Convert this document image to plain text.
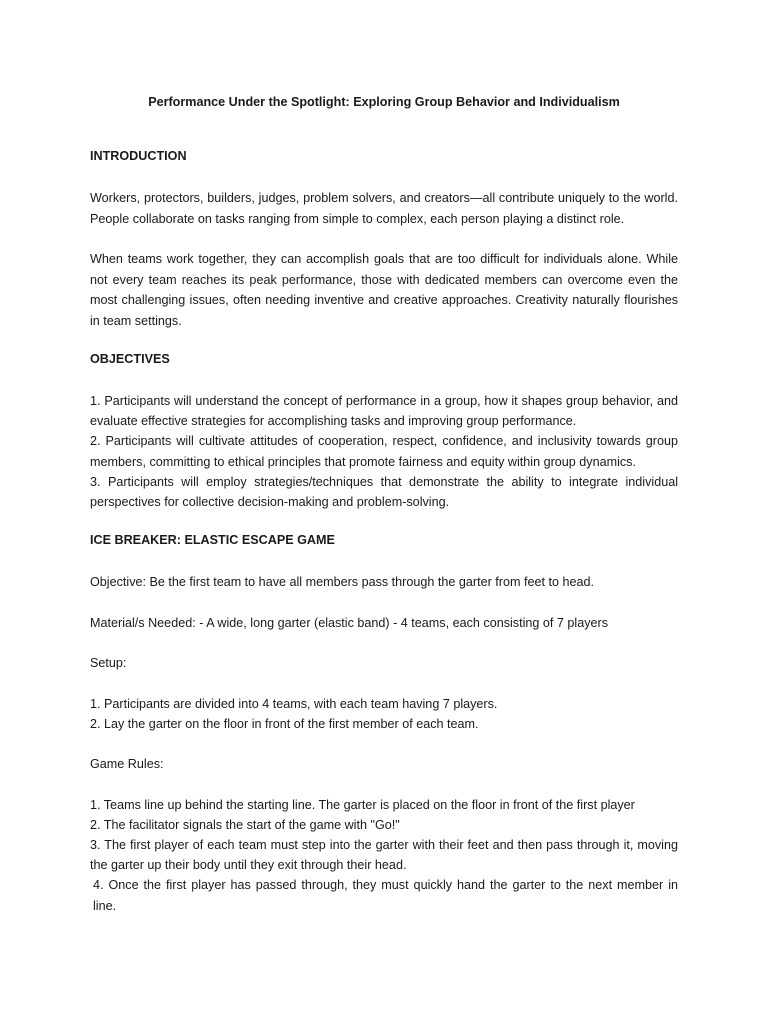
Performance Under the Spotlight: Exploring Group Behavior and Individualism
INTRODUCTION
Workers, protectors, builders, judges, problem solvers, and creators—all contribute uniquely to the world. People collaborate on tasks ranging from simple to complex, each person playing a distinct role.
When teams work together, they can accomplish goals that are too difficult for individuals alone. While not every team reaches its peak performance, those with dedicated members can overcome even the most challenging issues, often needing inventive and creative approaches. Creativity naturally flourishes in team settings.
OBJECTIVES
1. Participants will understand the concept of performance in a group, how it shapes group behavior, and evaluate effective strategies for accomplishing tasks and improving group performance.
2. Participants will cultivate attitudes of cooperation, respect, confidence, and inclusivity towards group members, committing to ethical principles that promote fairness and equity within group dynamics.
3. Participants will employ strategies/techniques that demonstrate the ability to integrate individual perspectives for collective decision-making and problem-solving.
ICE BREAKER: ELASTIC ESCAPE GAME
Objective: Be the first team to have all members pass through the garter from feet to head.
Material/s Needed: - A wide, long garter (elastic band) - 4 teams, each consisting of 7 players
Setup:
1. Participants are divided into 4 teams, with each team having 7 players.
2. Lay the garter on the floor in front of the first member of each team.
Game Rules:
1. Teams line up behind the starting line. The garter is placed on the floor in front of the first player
2. The facilitator signals the start of the game with "Go!"
3. The first player of each team must step into the garter with their feet and then pass through it, moving the garter up their body until they exit through their head.
4. Once the first player has passed through, they must quickly hand the garter to the next member in line.
